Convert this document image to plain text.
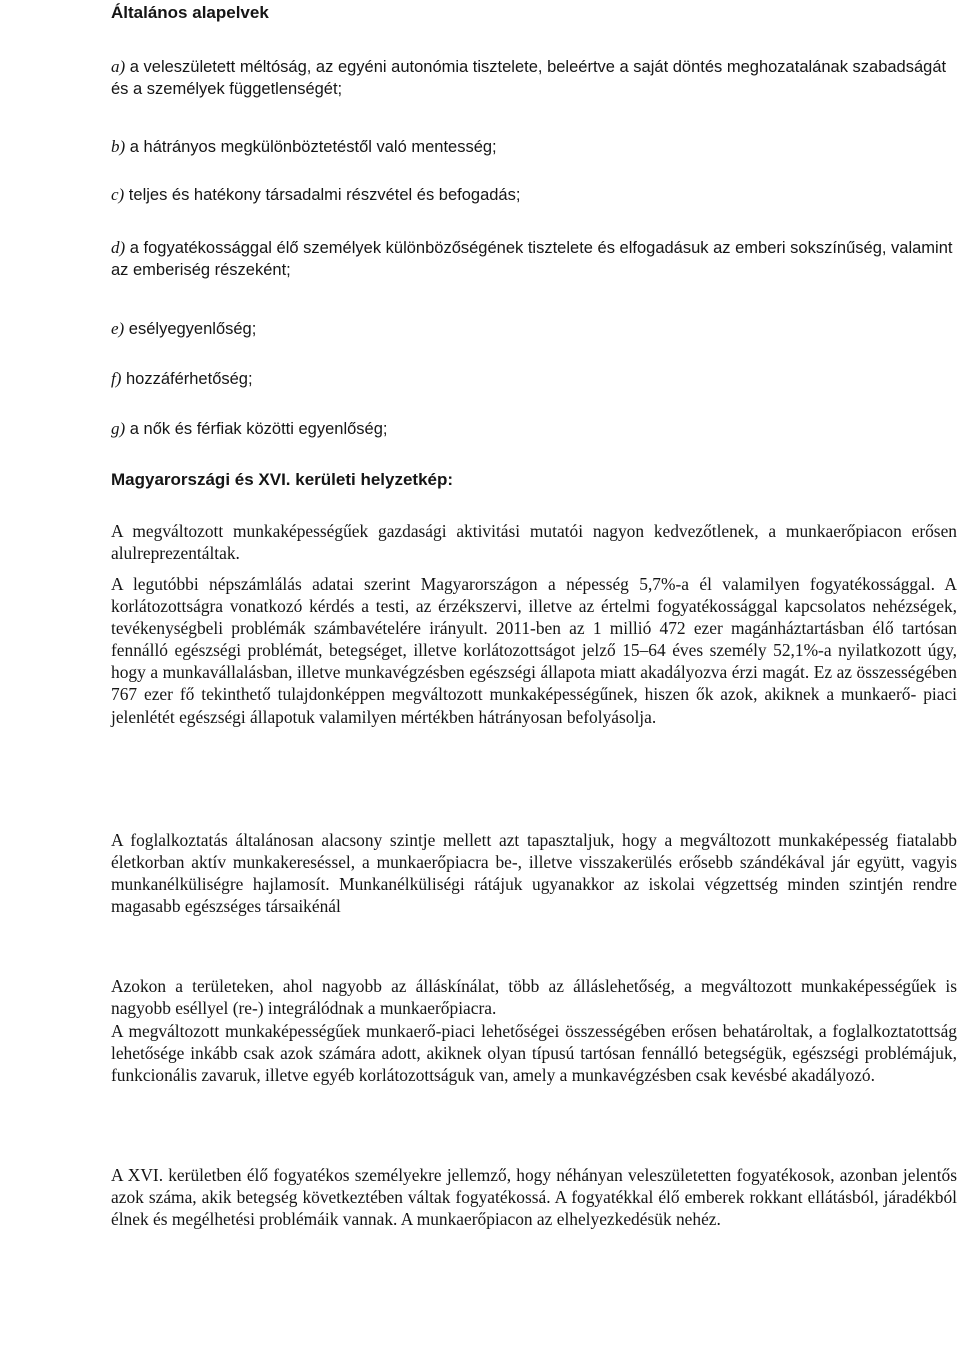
Általános alapelvek

a) a veleszületett méltóság, az egyéni autonómia tisztelete, beleértve a saját döntés meghozatalának szabadságát és a személyek függetlenségét;

b) a hátrányos megkülönböztetéstől való mentesség;

c) teljes és hatékony társadalmi részvétel és befogadás;

d) a fogyatékossággal élő személyek különbözőségének tisztelete és elfogadásuk az emberi sokszínűség, valamint az emberiség részeként;

e) esélyegyenlőség;

f) hozzáférhetőség;

g) a nők és férfiak közötti egyenlőség;

Magyarországi és XVI. kerületi helyzetkép:

A megváltozott munkaképességűek gazdasági aktivitási mutatói nagyon kedvezőtlenek, a munkaerőpiacon erősen alulreprezentáltak.

A legutóbbi népszámlálás adatai szerint Magyarországon a népesség 5,7%-a él valamilyen fogyatékossággal. A korlátozottságra vonatkozó kérdés a testi, az érzékszervi, illetve az értelmi fogyatékossággal kapcsolatos nehézségek, tevékenységbeli problémák számbavételére irányult. 2011-ben az 1 millió 472 ezer magánháztartásban élő tartósan fennálló egészségi problémát, betegséget, illetve korlátozottságot jelző 15–64 éves személy 52,1%-a nyilatkozott úgy, hogy a munkavállalásban, illetve munkavégzésben egészségi állapota miatt akadályozva érzi magát. Ez az összességében 767 ezer fő tekinthető tulajdonképpen megváltozott munkaképességűnek, hiszen ők azok, akiknek a munkaerő- piaci jelenlétét egészségi állapotuk valamilyen mértékben hátrányosan befolyásolja.

A foglalkoztatás általánosan alacsony szintje mellett azt tapasztaljuk, hogy a megváltozott munkaképesség fiatalabb életkorban aktív munkakereséssel, a munkaerőpiacra be-, illetve visszakerülés erősebb szándékával jár együtt, vagyis munkanélküliségre hajlamosít. Munkanélküliségi rátájuk ugyanakkor az iskolai végzettség minden szintjén rendre magasabb egészséges társaikénál

Azokon a területeken, ahol nagyobb az álláskínálat, több az álláslehetőség, a megváltozott munkaképességűek is nagyobb eséllyel (re-) integrálódnak a munkaerőpiacra.

A megváltozott munkaképességűek munkaerő-piaci lehetőségei összességében erősen behatároltak, a foglalkoztatottság lehetősége inkább csak azok számára adott, akiknek olyan típusú tartósan fennálló betegségük, egészségi problémájuk, funkcionális zavaruk, illetve egyéb korlátozottságuk van, amely a munkavégzésben csak kevésbé akadályozó.

A XVI. kerületben élő fogyatékos személyekre jellemző, hogy néhányan veleszületetten fogyatékosok, azonban jelentős azok száma, akik betegség következtében váltak fogyatékossá. A fogyatékkal élő emberek rokkant ellátásból, járadékból élnek és megélhetési problémáik vannak. A munkaerőpiacon az elhelyezkedésük nehéz.
